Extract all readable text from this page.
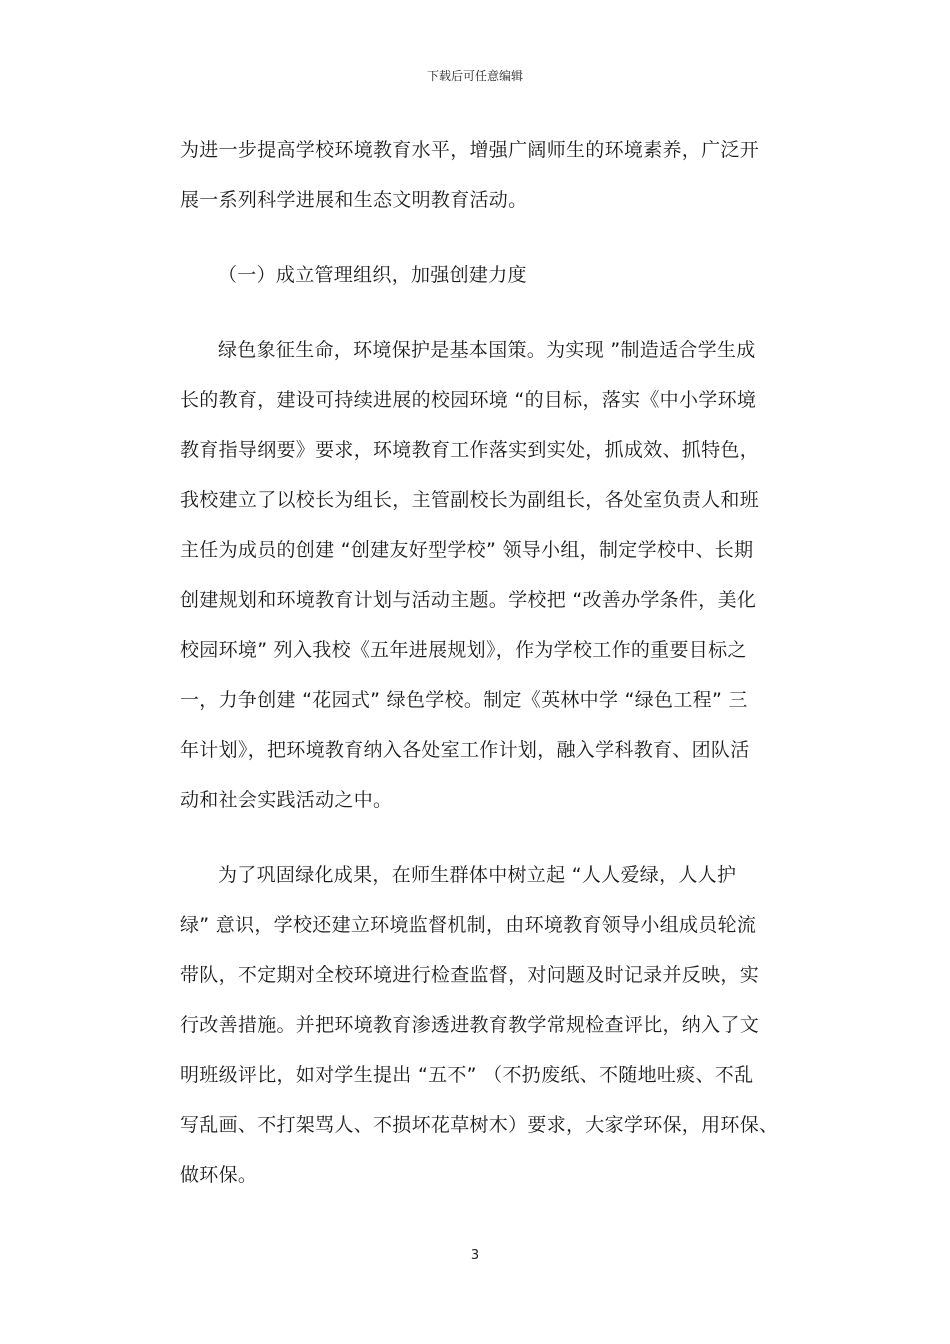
下载后可任意编辑
为进一步提高学校环境教育水平，增强广阔师生的环境素养，广泛开
展一系列科学进展和生态文明教育活动。
（一）成立管理组织，加强创建力度
绿色象征生命，环境保护是基本国策。为实现 ”制造适合学生成
长的教育，建设可持续进展的校园环境 “的目标，落实《中小学环境
教育指导纲要》要求，环境教育工作落实到实处，抓成效、抓特色，
我校建立了以校长为组长，主管副校长为副组长，各处室负责人和班
主任为成员的创建 “创建友好型学校” 领导小组，制定学校中、长期
创建规划和环境教育计划与活动主题。学校把 “改善办学条件，美化
校园环境” 列入我校《五年进展规划》，作为学校工作的重要目标之
一，力争创建 “花园式” 绿色学校。制定《英林中学 “绿色工程” 三
年计划》，把环境教育纳入各处室工作计划，融入学科教育、团队活
动和社会实践活动之中。
为了巩固绿化成果，在师生群体中树立起 “人人爱绿，人人护
绿” 意识，学校还建立环境监督机制，由环境教育领导小组成员轮流
带队，不定期对全校环境进行检查监督，对问题及时记录并反映，实
行改善措施。并把环境教育渗透进教育教学常规检查评比，纳入了文
明班级评比，如对学生提出 “五不” （不扔废纸、不随地吐痰、不乱
写乱画、不打架骂人、不损坏花草树木）要求，大家学环保，用环保、
做环保。
3
